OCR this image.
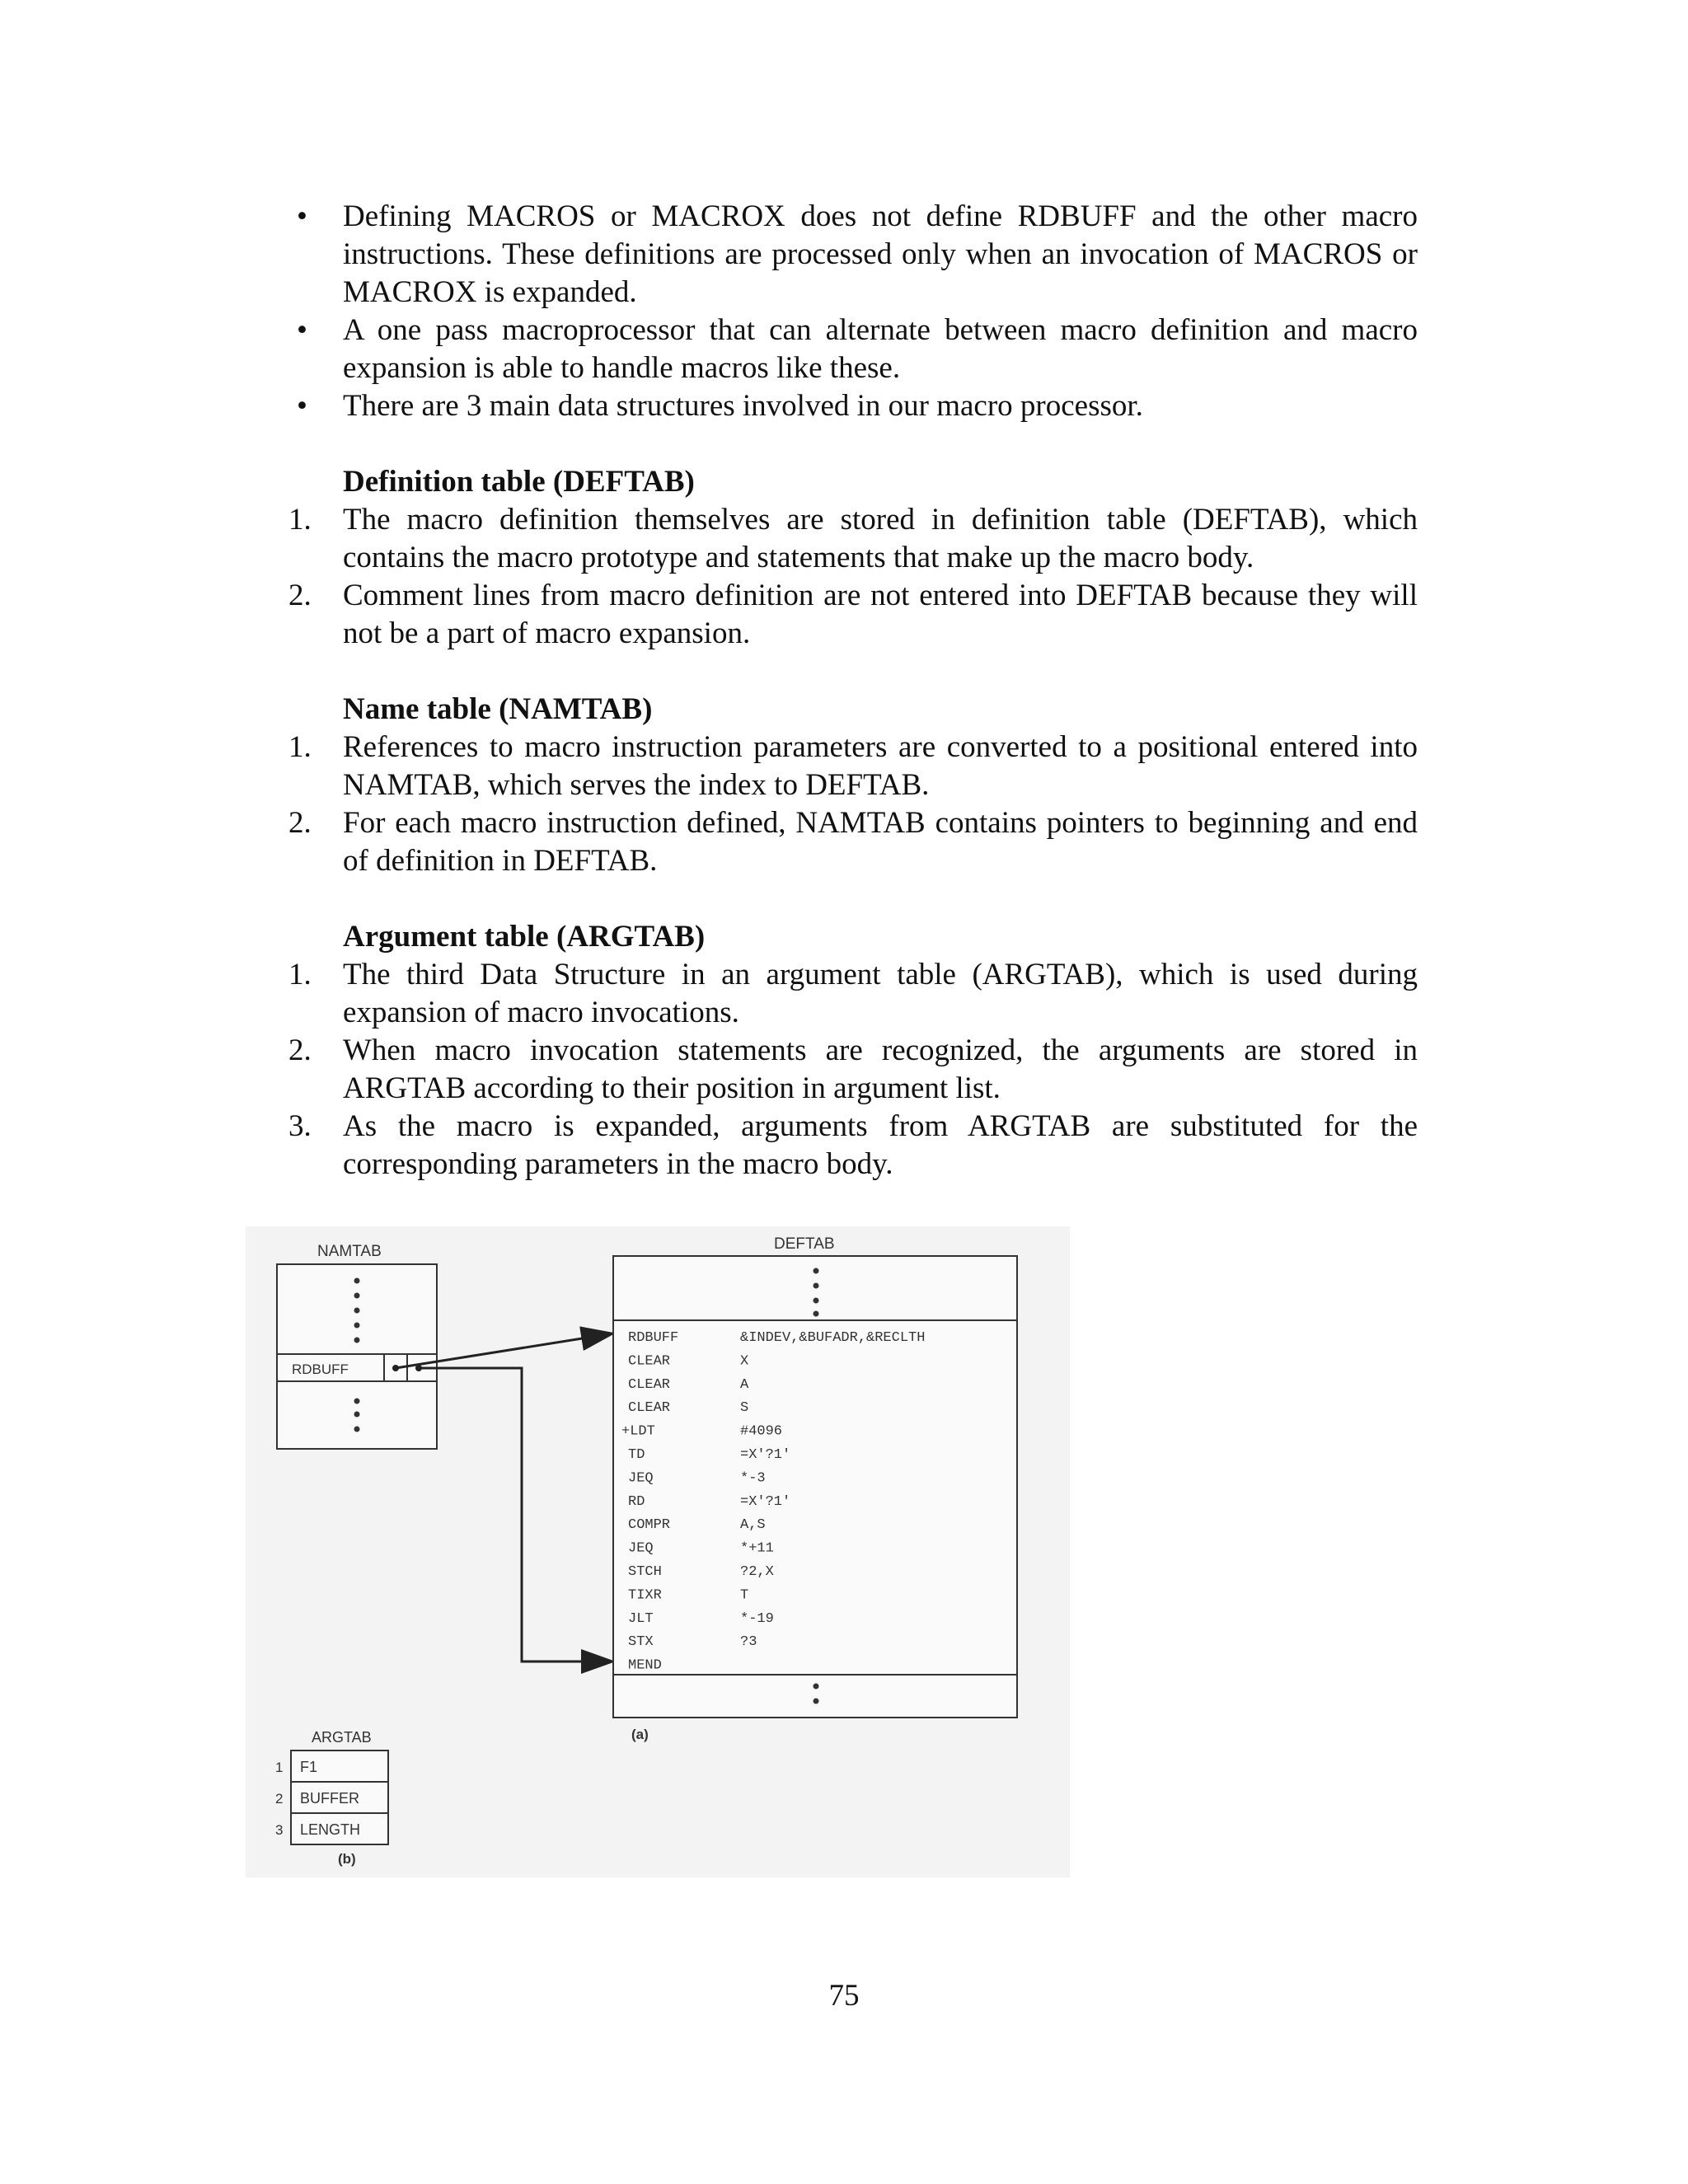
•	Defining MACROS or MACROX does not define RDBUFF and the other macro instructions. These definitions are processed only when an invocation of MACROS or MACROX is expanded.
•	A one pass macroprocessor that can alternate between macro definition and macro expansion is able to handle macros like these.
•	There are 3 main data structures involved in our macro processor.
Definition table (DEFTAB)
1.	The macro definition themselves are stored in definition table (DEFTAB), which contains the macro prototype and statements that make up the macro body.
2.	Comment lines from macro definition are not entered into DEFTAB because they will not be a part of macro expansion.
Name table (NAMTAB)
1.	References to macro instruction parameters are converted to a positional entered into NAMTAB, which serves the index to DEFTAB.
2.	For each macro instruction defined, NAMTAB contains pointers to beginning and end of definition in DEFTAB.
Argument table (ARGTAB)
1.	The third Data Structure in an argument table (ARGTAB), which is used during expansion of macro invocations.
2.	When macro invocation statements are recognized, the arguments are stored in ARGTAB according to their position in argument list.
3.	As the macro is expanded, arguments from ARGTAB are substituted for the corresponding parameters in the macro body.
NAMTAB
RDBUFF
DEFTAB
RDBUFF	&INDEV,&BUFADR,&RECLTH
CLEAR	X
CLEAR	A
CLEAR	S
+LDT	#4096
TD	=X'?1'
JEQ	*-3
RD	=X'?1'
COMPR	A,S
JEQ	*+11
STCH	?2,X
TIXR	T
JLT	*-19
STX	?3
MEND
(a)
ARGTAB
1 F1
2 BUFFER
3 LENGTH
(b)
75
